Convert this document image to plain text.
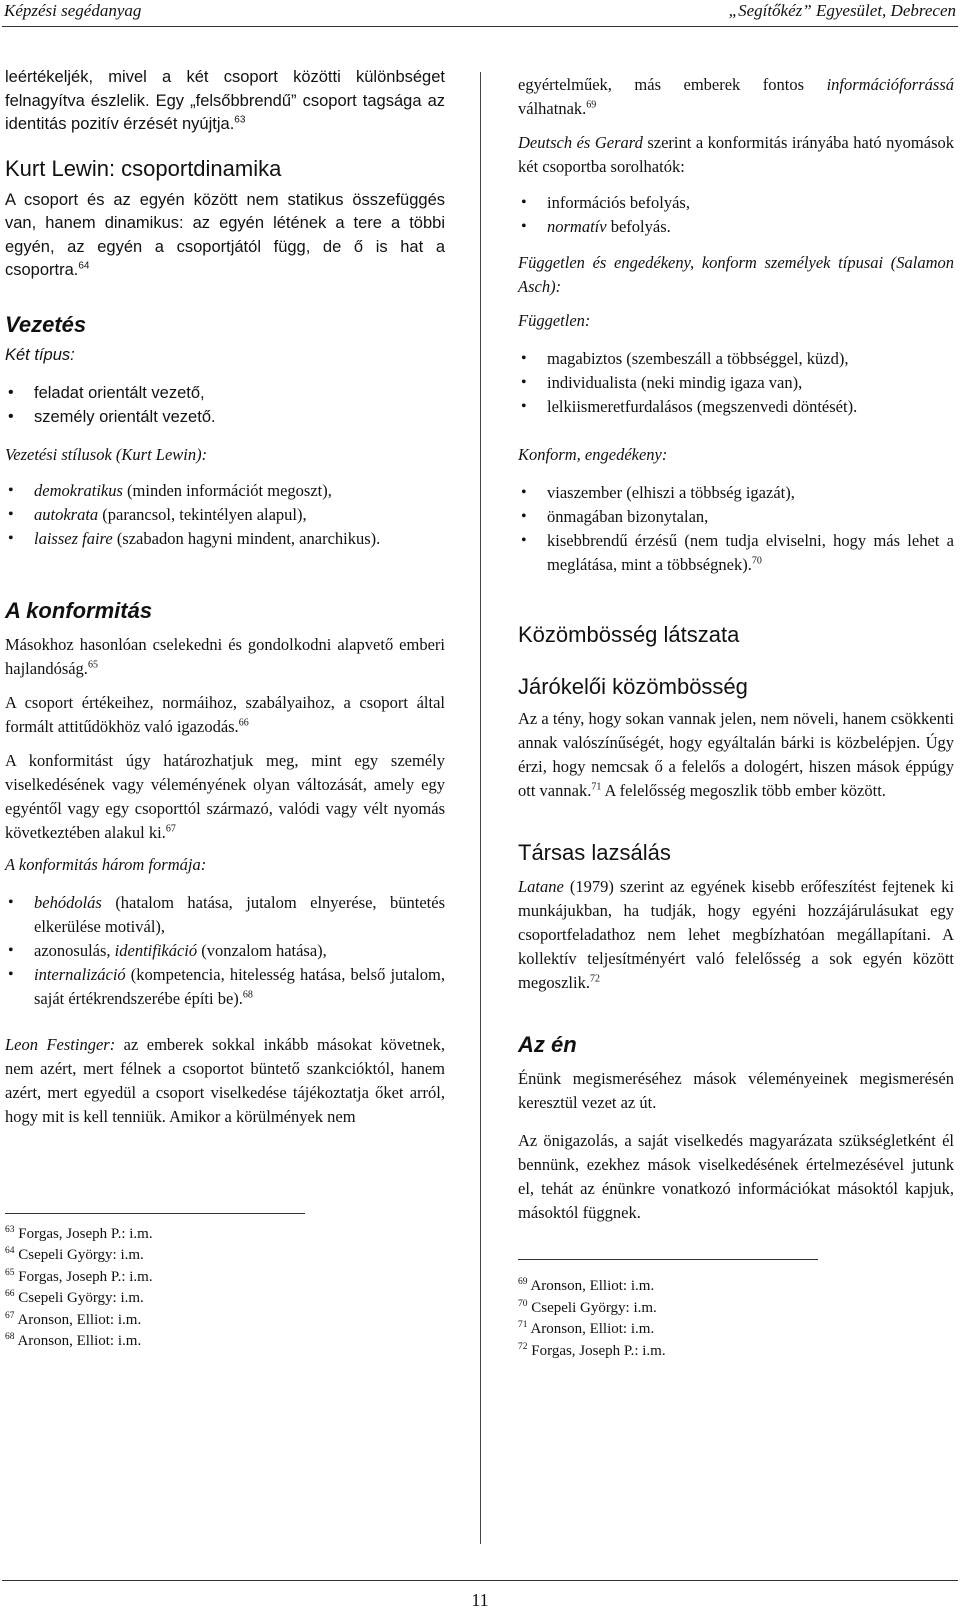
Képzési segédanyag	„Segítőkéz” Egyesület, Debrecen

leértékeljék, mivel a két csoport közötti különbséget felnagyítva észlelik. Egy „felsőbbrendű” csoport tagsága az identitás pozitív érzését nyújtja.$^{63}$

Kurt Lewin: csoportdinamika

A csoport és az egyén között nem statikus összefüggés van, hanem dinamikus: az egyén létének a tere a többi egyén, az egyén a csoportjától függ, de ő is hat a csoportra.$^{64}$

Vezetés
Két típus:
• feladat orientált vezető,
• személy orientált vezető.
Vezetési stílusok (Kurt Lewin):
• demokratikus (minden információt megoszt),
• autokrata (parancsol, tekintélyen alapul),
• laissez faire (szabadon hagyni mindent, anarchikus).
A konformitás

Másokhoz hasonlóan cselekedni és gondolkodni alapvető emberi hajlandóság.$^{65}$

A csoport értékeihez, normáihoz, szabályaihoz, a csoport által formált attitűdökhöz való igazodás.$^{66}$

A konformitást úgy határozhatjuk meg, mint egy személy viselkedésének vagy véleményének olyan változását, amely egy egyéntől vagy egy csoporttól származó, valódi vagy vélt nyomás következtében alakul ki.$^{67}$

A konformitás három formája:
• behódolás (hatalom hatása, jutalom elnyerése, büntetés elkerülése motivál),
• azonosulás, identifikáció (vonzalom hatása),
• internalizáció (kompetencia, hitelesség hatása, belső jutalom, saját értékrendszerébe építi be).$^{68}$

Leon Festinger: az emberek sokkal inkább másokat követnek, nem azért, mert félnek a csoportot büntető szankcióktól, hanem azért, mert egyedül a csoport viselkedése tájékoztatja őket arról, hogy mit is kell tenniük. Amikor a körülmények nem

$^{63}$ Forgas, Joseph P.: i.m.
$^{64}$ Csepeli György: i.m.
$^{65}$ Forgas, Joseph P.: i.m.
$^{66}$ Csepeli György: i.m.
$^{67}$ Aronson, Elliot: i.m.
$^{68}$ Aronson, Elliot: i.m.

egyértelműek, más emberek fontos információforrássá válhatnak.$^{69}$

Deutsch és Gerard szerint a konformitás irányába ható nyomások két csoportba sorolhatók:

• információs befolyás,
• normatív befolyás.

Független és engedékeny, konform személyek típusai (Salamon Asch):

Független:
• magabiztos (szembeszáll a többséggel, küzd),
• individualista (neki mindig igaza van),
• lelkiismeretfurdalásos (megszenvedi döntését).
Konform, engedékeny:
• viaszember (elhiszi a többség igazát),
• önmagában bizonytalan,
• kisebbrendű érzésű (nem tudja elviselni, hogy más lehet a meglátása, mint a többségnek).$^{70}$
Közömbösség látszata
Járókelői közömbösség

Az a tény, hogy sokan vannak jelen, nem növeli, hanem csökkenti annak valószínűségét, hogy egyáltalán bárki is közbelépjen. Úgy érzi, hogy nemcsak ő a felelős a dologért, hiszen mások éppúgy ott vannak.$^{71}$ A felelősség megoszlik több ember között.

Társas lazsálás

Latane (1979) szerint az egyének kisebb erőfeszítést fejtenek ki munkájukban, ha tudják, hogy egyéni hozzájárulásukat egy csoportfeladathoz nem lehet megbízhatóan megállapítani. A kollektív teljesítményért való felelősség a sok egyén között megoszlik.$^{72}$

Az én

Énünk megismeréséhez mások véleményeinek megismerésén keresztül vezet az út.

Az önigazolás, a saját viselkedés magyarázata szükségletként él bennünk, ezekhez mások viselkedésének értelmezésével jutunk el, tehát az énünkre vonatkozó információkat másoktól kapjuk, másoktól függnek.

$^{69}$ Aronson, Elliot: i.m.
$^{70}$ Csepeli György: i.m.
$^{71}$ Aronson, Elliot: i.m.
$^{72}$ Forgas, Joseph P.: i.m.
11
